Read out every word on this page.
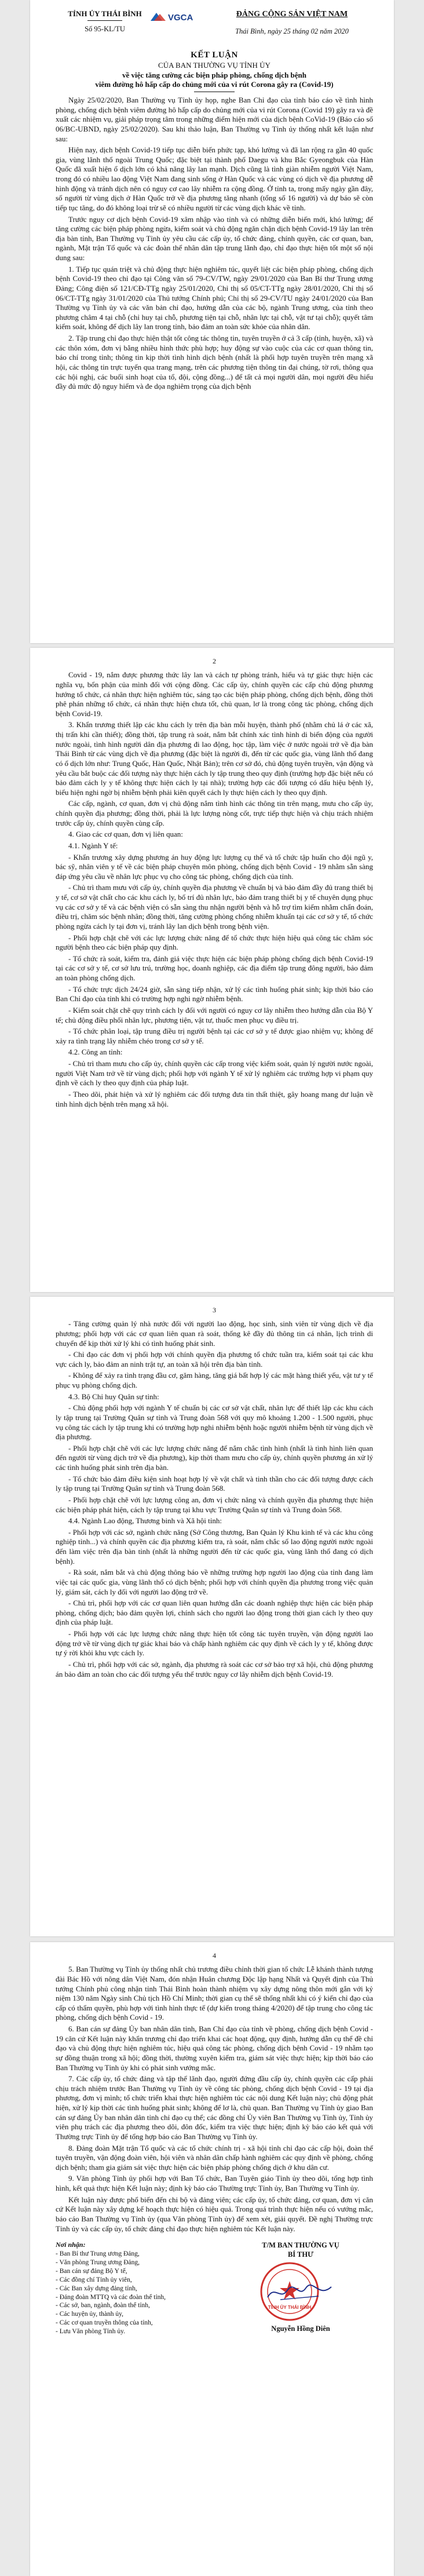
TỈNH ỦY THÁI BÌNH
Số 95-KL/TU
VGCA	ĐẢNG CỘNG SẢN VIỆT NAM
Thái Bình, ngày 25 tháng 02 năm 2020
KẾT LUẬN
CỦA BAN THƯỜNG VỤ TỈNH ỦY
về việc tăng cường các biện pháp phòng, chống dịch bệnh
viêm đường hô hấp cấp do chủng mới của vi rút Corona gây ra (Covid-19)

Ngày 25/02/2020, Ban Thường vụ Tỉnh ủy họp, nghe Ban Chỉ đạo của tỉnh báo cáo về tình hình phòng, chống dịch bệnh viêm đường hô hấp cấp do chủng mới của vi rút Corona (Covid 19) gây ra và đề xuất các nhiệm vụ, giải pháp trọng tâm trong những điểm hiện mới của dịch bệnh CoVid-19 (Báo cáo số 06/BC-UBND, ngày 25/02/2020). Sau khi thảo luận, Ban Thường vụ Tỉnh ủy thống nhất kết luận như sau:

Hiện nay, dịch bệnh Covid-19 tiếp tục diễn biến phức tạp, khó lường và đã lan rộng ra gần 40 quốc gia, vùng lãnh thổ ngoài Trung Quốc; đặc biệt tại thành phố Daegu và khu Bắc Gyeongbuk của Hàn Quốc đã xuất hiện ổ dịch lớn có khả năng lây lan mạnh. Dịch cũng là tình giàn nhiễm người Việt Nam, trong đó có nhiều lao động Việt Nam đang sinh sống ở Hàn Quốc và các vùng có dịch về địa phương dễ hình động và tránh dịch nên có nguy cơ cao lây nhiễm ra cộng đồng. Ở tỉnh ta, trong mấy ngày gần đây, số người từ vùng dịch ở Hàn Quốc trở về địa phương tăng nhanh (tổng số 16 người) và dự báo sẽ còn tiếp tục tăng, do đó không loại trừ sẽ có nhiều người từ các vùng dịch khác về tỉnh.

Trước nguy cơ dịch bệnh Covid-19 xâm nhập vào tỉnh và có những diễn biến mới, khó lường; để tăng cường các biện pháp phòng ngừa, kiểm soát và chủ động ngăn chặn dịch bệnh Covid-19 lây lan trên địa bàn tỉnh, Ban Thường vụ Tỉnh ủy yêu cầu các cấp ủy, tổ chức đảng, chính quyền, các cơ quan, ban, ngành, Mặt trận Tổ quốc và các đoàn thể nhân dân tập trung lãnh đạo, chỉ đạo thực hiện tốt một số nội dung sau:

1. Tiếp tục quán triệt và chủ động thực hiện nghiêm túc, quyết liệt các biện pháp phòng, chống dịch bệnh Covid-19 theo chỉ đạo tại Công văn số 79-CV/TW, ngày 29/01/2020 của Ban Bí thư Trung ương Đảng; Công điện số 121/CĐ-TTg ngày 25/01/2020, Chỉ thị số 05/CT-TTg ngày 28/01/2020, Chỉ thị số 06/CT-TTg ngày 31/01/2020 của Thủ tướng Chính phủ; Chỉ thị số 29-CV/TU ngày 24/01/2020 của Ban Thường vụ Tỉnh ủy và các văn bản chỉ đạo, hướng dẫn của các bộ, ngành Trung ương, của tỉnh theo phương châm 4 tại chỗ (chỉ huy tại chỗ, phương tiện tại chỗ, nhân lực tại chỗ, vật tư tại chỗ); quyết tâm kiểm soát, không để dịch lây lan trong tỉnh, bảo đảm an toàn sức khỏe của nhân dân.

2. Tập trung chỉ đạo thực hiện thật tốt công tác thông tin, tuyên truyền ở cả 3 cấp (tỉnh, huyện, xã) và các thôn xóm, đơn vị bằng nhiều hình thức phù hợp; huy động sự vào cuộc của các cơ quan thông tin, báo chí trong tỉnh; thông tin kịp thời tình hình dịch bệnh (nhất là phối hợp tuyên truyền trên mạng xã hội, các thông tin trực tuyến qua trang mạng, trên các phương tiện thông tin đại chúng, tờ rơi, thông qua các hội nghị, các buổi sinh hoạt của tổ, đội, cộng đồng...) để tất cả mọi người dân, mọi người đều hiểu đầy đủ mức độ nguy hiểm và đe dọa nghiêm trọng của dịch bệnh

2

Covid - 19, nắm được phương thức lây lan và cách tự phòng tránh, hiểu và tự giác thực hiện các nghĩa vụ, bổn phận của mình đối với cộng đồng. Các cấp ủy, chính quyền các cấp chủ động phương hướng tổ chức, cá nhân thực hiện nghiêm túc, sáng tạo các biện pháp phòng, chống dịch bệnh, đồng thời phê phán những tổ chức, cá nhân thực hiện chưa tốt, chủ quan, lơ là trong công tác phòng, chống dịch bệnh Covid-19.

3. Khẩn trương thiết lập các khu cách ly trên địa bàn mỗi huyện, thành phố (nhằm chủ lá ở các xã, thị trấn khi cần thiết); đồng thời, tập trung rà soát, nắm bắt chính xác tình hình di biến động của người nước ngoài, tình hình người dân địa phương đi lao động, học tập, làm việc ở nước ngoài trở về địa bàn Thái Bình từ các vùng dịch về địa phương (đặc biệt là người đi, đến từ các quốc gia, vùng lãnh thổ đang có ổ dịch lớn như: Trung Quốc, Hàn Quốc, Nhật Bản); trên cơ sở đó, chủ động tuyên truyền, vận động và yêu cầu bắt buộc các đối tượng này thực hiện cách ly tập trung theo quy định (trường hợp đặc biệt nếu có bảo đảm cách ly y tế không thực hiện cách ly tại nhà); trường hợp các đối tượng có dấu hiệu bệnh lý, biểu hiện nghi ngờ bị nhiễm bệnh phải kiên quyết cách ly thực hiện cách ly theo quy định.

Các cấp, ngành, cơ quan, đơn vị chủ động nắm tình hình các thông tin trên mạng, mưu cho cấp ủy, chính quyền địa phương; đồng thời, phải là lực lượng nòng cốt, trực tiếp thực hiện và chịu trách nhiệm trước cấp ủy, chính quyền cùng cấp.

4. Giao các cơ quan, đơn vị liên quan:

4.1. Ngành Y tế:

- Khẩn trương xây dựng phương án huy động lực lượng cụ thể và tổ chức tập huấn cho đội ngũ y, bác sỹ, nhân viên y tế về các biện pháp chuyên môn phòng, chống dịch bệnh Covid - 19 nhằm sẵn sàng đáp ứng yêu cầu về nhân lực phục vụ cho công tác phòng, chống dịch của tỉnh.

- Chủ trì tham mưu với cấp ủy, chính quyền địa phương về chuẩn bị và bảo đảm đầy đủ trang thiết bị y tế, cơ sở vật chất cho các khu cách ly, bố trí đủ nhân lực, bảo đảm trang thiết bị y tế chuyên dụng phục vụ các cơ sở y tế và các bệnh viện có sẵn sàng thu nhận người bệnh và hỗ trợ tìm kiếm nhằm chẩn đoán, điều trị, chăm sóc bệnh nhân; đồng thời, tăng cường phòng chống nhiễm khuẩn tại các cơ sở y tế, tổ chức phòng ngừa cách ly tại đơn vị, tránh lây lan dịch bệnh trong bệnh viện.

- Phối hợp chặt chẽ với các lực lượng chức năng để tổ chức thực hiện hiệu quả công tác chăm sóc người bệnh theo các biện pháp quy định.

- Tổ chức rà soát, kiểm tra, đánh giá việc thực hiện các biện pháp phòng chống dịch bệnh Covid-19 tại các cơ sở y tế, cơ sở lưu trú, trường học, doanh nghiệp, các địa điểm tập trung đông người, bảo đảm an toàn phòng chống dịch.

- Tổ chức trực dịch 24/24 giờ, sẵn sàng tiếp nhận, xử lý các tình huống phát sinh; kịp thời báo cáo Ban Chỉ đạo của tỉnh khi có trường hợp nghi ngờ nhiễm bệnh.

- Kiểm soát chặt chẽ quy trình cách ly đối với người có nguy cơ lây nhiễm theo hướng dẫn của Bộ Y tế; chủ động điều phối nhân lực, phương tiện, vật tư, thuốc men phục vụ điều trị.

- Tổ chức phân loại, tập trung điều trị người bệnh tại các cơ sở y tế được giao nhiệm vụ; không để xảy ra tình trạng lây nhiễm chéo trong cơ sở y tế.

4.2. Công an tỉnh:

- Chủ trì tham mưu cho cấp ủy, chính quyền các cấp trong việc kiểm soát, quản lý người nước ngoài, người Việt Nam trở về từ vùng dịch; phối hợp với ngành Y tế xử lý nghiêm các trường hợp vi phạm quy định về cách ly theo quy định của pháp luật.

- Theo dõi, phát hiện và xử lý nghiêm các đối tượng đưa tin thất thiệt, gây hoang mang dư luận về tình hình dịch bệnh trên mạng xã hội.

3

- Tăng cường quản lý nhà nước đối với người lao động, học sinh, sinh viên từ vùng dịch về địa phương; phối hợp với các cơ quan liên quan rà soát, thống kê đầy đủ thông tin cá nhân, lịch trình di chuyển để kịp thời xử lý khi có tình huống phát sinh.

- Chỉ đạo các đơn vị phối hợp với chính quyền địa phương tổ chức tuần tra, kiểm soát tại các khu vực cách ly, bảo đảm an ninh trật tự, an toàn xã hội trên địa bàn tỉnh.

- Không để xảy ra tình trạng đầu cơ, găm hàng, tăng giá bất hợp lý các mặt hàng thiết yếu, vật tư y tế phục vụ phòng chống dịch.

4.3. Bộ Chỉ huy Quân sự tỉnh:

- Chủ động phối hợp với ngành Y tế chuẩn bị các cơ sở vật chất, nhân lực để thiết lập các khu cách ly tập trung tại Trường Quân sự tỉnh và Trung đoàn 568 với quy mô khoảng 1.200 - 1.500 người, phục vụ công tác cách ly tập trung khi có trường hợp nghi nhiễm bệnh hoặc người nhiễm bệnh từ vùng dịch về địa phương.

- Phối hợp chặt chẽ với các lực lượng chức năng để nắm chắc tình hình (nhất là tình hình liên quan đến người từ vùng dịch trở về địa phương), kịp thời tham mưu cho cấp ủy, chính quyền phương án xử lý các tình huống phát sinh trên địa bàn.

- Tổ chức bảo đảm điều kiện sinh hoạt hợp lý về vật chất và tinh thần cho các đối tượng được cách ly tập trung tại Trường Quân sự tỉnh và Trung đoàn 568.

- Phối hợp chặt chẽ với lực lượng công an, đơn vị chức năng và chính quyền địa phương thực hiện các biện pháp phát hiện, cách ly tập trung tại khu vực Trường Quân sự tỉnh và Trung đoàn 568.

4.4. Ngành Lao động, Thương binh và Xã hội tỉnh:

- Phối hợp với các sở, ngành chức năng (Sở Công thương, Ban Quản lý Khu kinh tế và các khu công nghiệp tỉnh...) và chính quyền các địa phương kiểm tra, rà soát, nắm chắc số lao động người nước ngoài đến làm việc trên địa bàn tỉnh (nhất là những người đến từ các quốc gia, vùng lãnh thổ đang có dịch bệnh).

- Rà soát, nắm bắt và chủ động thông báo về những trường hợp người lao động của tỉnh đang làm việc tại các quốc gia, vùng lãnh thổ có dịch bệnh; phối hợp với chính quyền địa phương trong việc quản lý, giám sát, cách ly đối với người lao động trở về.

- Chủ trì, phối hợp với các cơ quan liên quan hướng dẫn các doanh nghiệp thực hiện các biện pháp phòng, chống dịch; bảo đảm quyền lợi, chính sách cho người lao động trong thời gian cách ly theo quy định của pháp luật.

- Phối hợp với các lực lượng chức năng thực hiện tốt công tác tuyên truyền, vận động người lao động trở về từ vùng dịch tự giác khai báo và chấp hành nghiêm các quy định về cách ly y tế, không được tự ý rời khỏi khu vực cách ly.

- Chủ trì, phối hợp với các sở, ngành, địa phương rà soát các cơ sở bảo trợ xã hội, chủ động phương án bảo đảm an toàn cho các đối tượng yếu thế trước nguy cơ lây nhiễm dịch bệnh Covid-19.

4

5. Ban Thường vụ Tỉnh ủy thống nhất chủ trương điều chỉnh thời gian tổ chức Lễ khánh thành tượng đài Bác Hồ với nông dân Việt Nam, đón nhận Huân chương Độc lập hạng Nhất và Quyết định của Thủ tướng Chính phủ công nhận tỉnh Thái Bình hoàn thành nhiệm vụ xây dựng nông thôn mới gắn với kỷ niệm 130 năm Ngày sinh Chủ tịch Hồ Chí Minh; thời gian cụ thể sẽ thống nhất khi có ý kiến chỉ đạo của cấp có thẩm quyền, phù hợp với tình hình thực tế (dự kiến trong tháng 4/2020) để tập trung cho công tác phòng, chống dịch bệnh Covid - 19.

6. Ban cán sự đảng Ủy ban nhân dân tỉnh, Ban Chỉ đạo của tỉnh về phòng, chống dịch bệnh Covid - 19 căn cứ Kết luận này khẩn trương chỉ đạo triển khai các hoạt động, quy định, hướng dẫn cụ thể đề chỉ đạo và chủ động thực hiện nghiêm túc, hiệu quả công tác phòng, chống dịch bệnh Covid - 19 nhằm tạo sự đồng thuận trong xã hội; đồng thời, thường xuyên kiểm tra, giám sát việc thực hiện; kịp thời báo cáo Ban Thường vụ Tỉnh ủy khi có phát sinh vướng mắc.

7. Các cấp ủy, tổ chức đảng và tập thể lãnh đạo, người đứng đầu cấp ủy, chính quyền các cấp phải chịu trách nhiệm trước Ban Thường vụ Tỉnh ủy về công tác phòng, chống dịch bệnh Covid - 19 tại địa phương, đơn vị mình; tổ chức triển khai thực hiện nghiêm túc các nội dung Kết luận này; chủ động phát hiện, xử lý kịp thời các tình huống phát sinh; không để lơ là, chủ quan. Ban Thường vụ Tỉnh ủy giao Ban cán sự đảng Ủy ban nhân dân tỉnh chỉ đạo cụ thể; các đồng chí Ủy viên Ban Thường vụ Tỉnh ủy, Tỉnh ủy viên phụ trách các địa phương theo dõi, đôn đốc, kiểm tra việc thực hiện; định kỳ báo cáo kết quả với Thường trực Tỉnh ủy để tổng hợp báo cáo Ban Thường vụ Tỉnh ủy.

8. Đảng đoàn Mặt trận Tổ quốc và các tổ chức chính trị - xã hội tỉnh chỉ đạo các cấp hội, đoàn thể tuyên truyền, vận động đoàn viên, hội viên và nhân dân chấp hành nghiêm các quy định về phòng, chống dịch bệnh; tham gia giám sát việc thực hiện các biện pháp phòng chống dịch ở khu dân cư.

9. Văn phòng Tỉnh ủy phối hợp với Ban Tổ chức, Ban Tuyên giáo Tỉnh ủy theo dõi, tổng hợp tình hình, kết quả thực hiện Kết luận này; định kỳ báo cáo Thường trực Tỉnh ủy, Ban Thường vụ Tỉnh ủy.

Kết luận này được phổ biến đến chi bộ và đảng viên; các cấp ủy, tổ chức đảng, cơ quan, đơn vị căn cứ Kết luận này xây dựng kế hoạch thực hiện có hiệu quả. Trong quá trình thực hiện nếu có vướng mắc, báo cáo Ban Thường vụ Tỉnh ủy (qua Văn phòng Tỉnh ủy) để xem xét, giải quyết. Đề nghị Thường trực Tỉnh ủy và các cấp ủy, tổ chức đảng chỉ đạo thực hiện nghiêm túc Kết luận này.

Nơi nhận:
- Ban Bí thư Trung ương Đảng,
- Văn phòng Trung ương Đảng,
- Ban cán sự đảng Bộ Y tế,
- Các đồng chí Tỉnh ủy viên,
- Các Ban xây dựng đảng tỉnh,
- Đảng đoàn MTTQ và các đoàn thể tỉnh,
- Các sở, ban, ngành, đoàn thể tỉnh,
- Các huyện ủy, thành ủy,
- Các cơ quan truyền thông của tỉnh,
- Lưu Văn phòng Tỉnh ủy.
T/M BAN THƯỜNG VỤ
BÍ THƯ
TỈNH ỦY THÁI BÌNH
Nguyễn Hồng Diên
